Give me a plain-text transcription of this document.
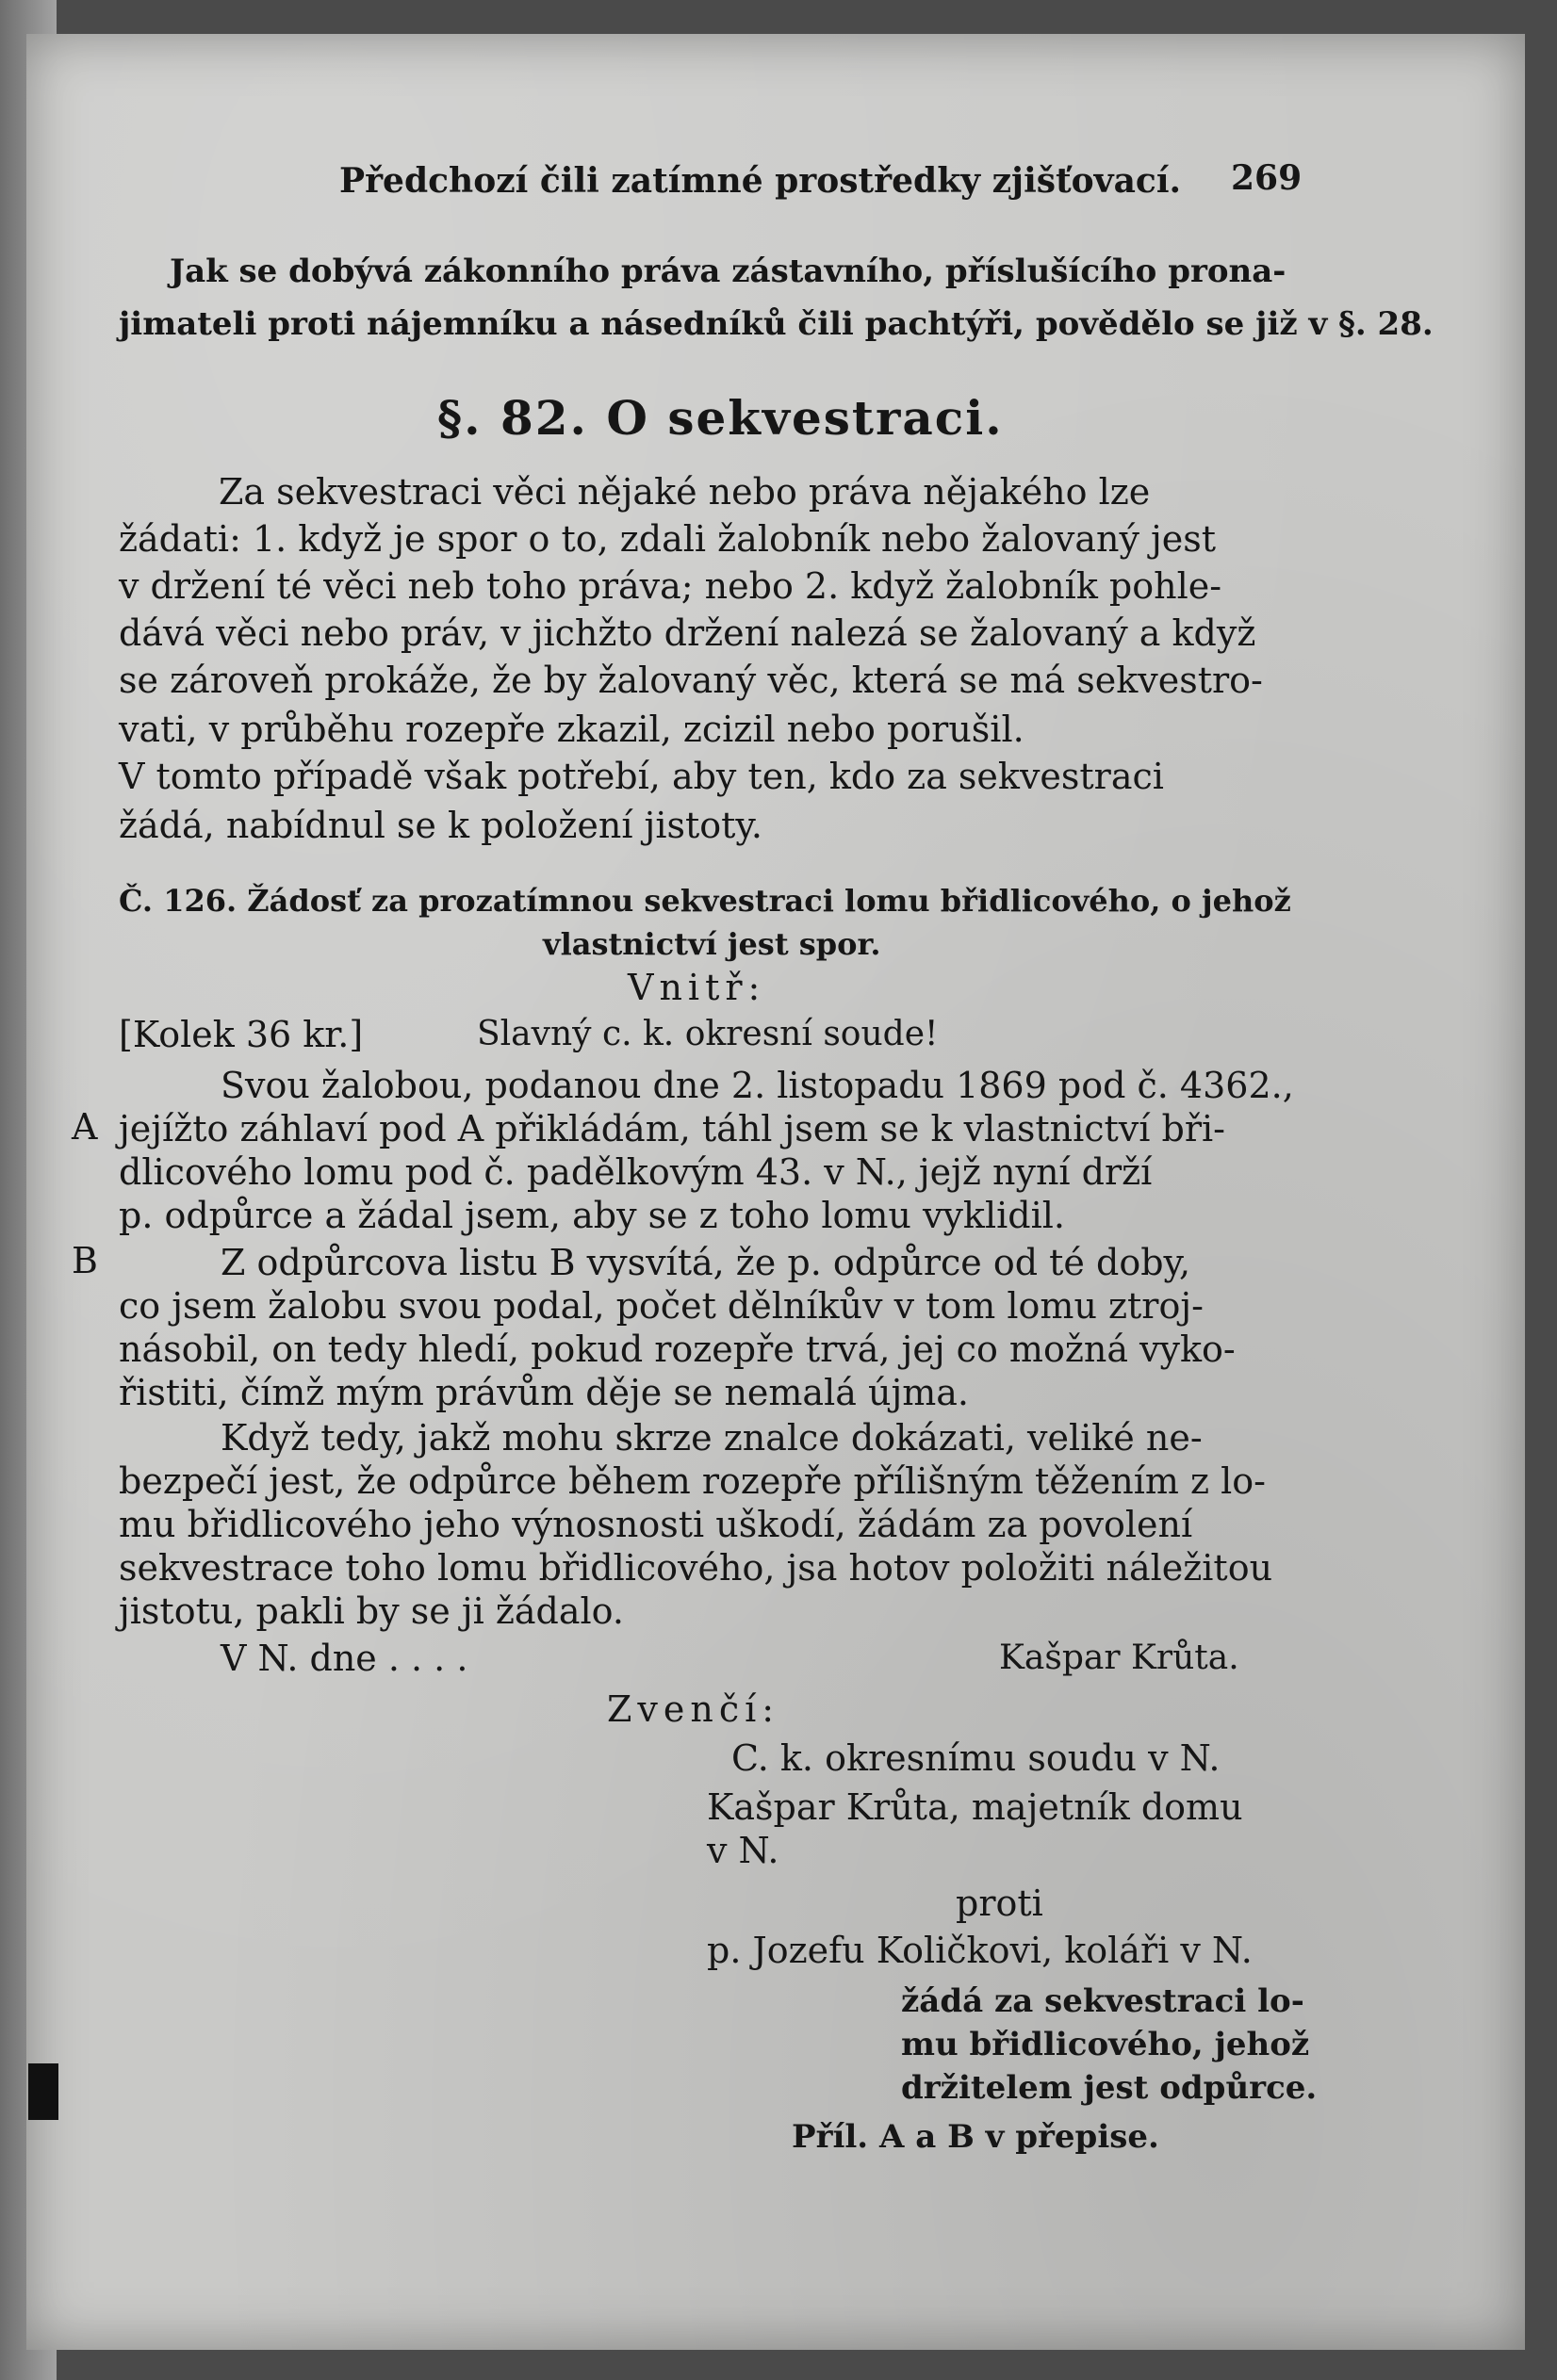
Předchozí čili zatímné prostředky zjišťovací. 269
Jak se dobývá zákonního práva zástavního, příslušícího prona-
jimateli proti nájemníku a násedníků čili pachtýři, povědělo se již v §. 28.
§. 82. O sekvestraci.
Za sekvestraci věci nějaké nebo práva nějakého lze
žádati: 1. když je spor o to, zdali žalobník nebo žalovaný jest
v držení té věci neb toho práva; nebo 2. když žalobník pohle-
dává věci nebo práv, v jichžto držení nalezá se žalovaný a když
se zároveň prokáže, že by žalovaný věc, která se má sekvestro-
vati, v průběhu rozepře zkazil, zcizil nebo porušil.
V tomto případě však potřebí, aby ten, kdo za sekvestraci
žádá, nabídnul se k položení jistoty.
Č. 126. Žádosť za prozatímnou sekvestraci lomu břidlicového, o jehož
vlastnictví jest spor.
Vnitř:
[Kolek 36 kr.]	Slavný c. k. okresní soude!
Svou žalobou, podanou dne 2. listopadu 1869 pod č. 4362.,
A jejížto záhlaví pod A přikládám, táhl jsem se k vlastnictví bři-
dlicového lomu pod č. padělkovým 43. v N., jejž nyní drží
p. odpůrce a žádal jsem, aby se z toho lomu vyklidil.
B	Z odpůrcova listu B vysvítá, že p. odpůrce od té doby,
co jsem žalobu svou podal, počet dělníkův v tom lomu ztroj-
násobil, on tedy hledí, pokud rozepře trvá, jej co možná vyko-
řistiti, čímž mým právům děje se nemalá újma.
Když tedy, jakž mohu skrze znalce dokázati, veliké ne-
bezpečí jest, že odpůrce během rozepře přílišným těžením z lo-
mu břidlicového jeho výnosnosti uškodí, žádám za povolení
sekvestrace toho lomu břidlicového, jsa hotov položiti náležitou
jistotu, pakli by se ji žádalo.
V N. dne . . . .	Kašpar Krůta.
Zvenčí:
C. k. okresnímu soudu v N.
Kašpar Krůta, majetník domu
v N.
proti
p. Jozefu Količkovi, koláři v N.
žádá za sekvestraci lo-
mu břidlicového, jehož
držitelem jest odpůrce.
Příl. A a B v přepise.
